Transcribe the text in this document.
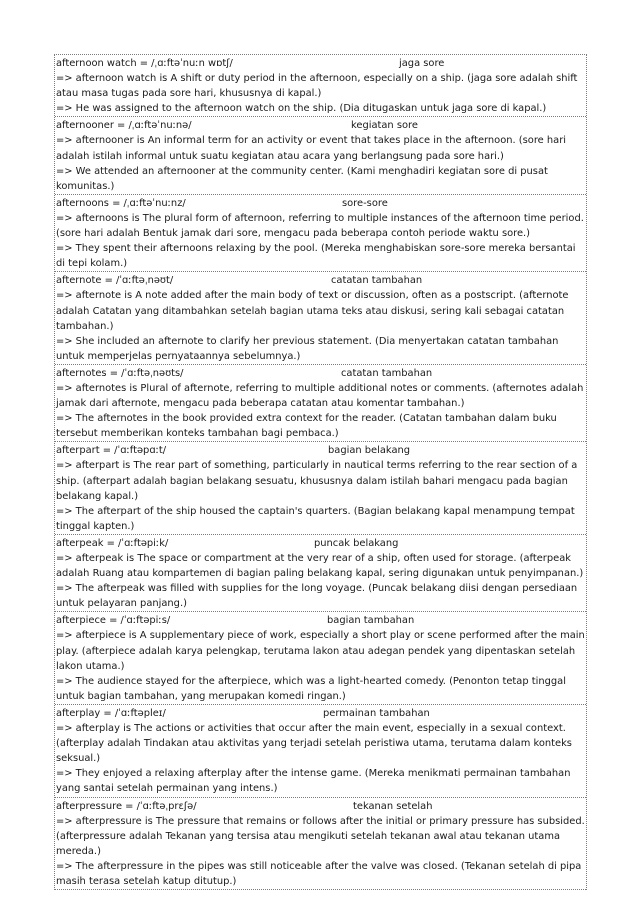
afternoon watch = /ˌɑːftəˈnuːn wɒtʃ/	jaga sore

=> afternoon watch is A shift or duty period in the afternoon, especially on a ship. (jaga sore adalah shift atau masa tugas pada sore hari, khususnya di kapal.)

=> He was assigned to the afternoon watch on the ship. (Dia ditugaskan untuk jaga sore di kapal.)

afternooner = /ˌɑːftəˈnuːnə/	kegiatan sore

=> afternooner is An informal term for an activity or event that takes place in the afternoon. (sore hari adalah istilah informal untuk suatu kegiatan atau acara yang berlangsung pada sore hari.)

=> We attended an afternooner at the community center. (Kami menghadiri kegiatan sore di pusat komunitas.)

afternoons = /ˌɑːftəˈnuːnz/	sore-sore

=> afternoons is The plural form of afternoon, referring to multiple instances of the afternoon time period. (sore hari adalah Bentuk jamak dari sore, mengacu pada beberapa contoh periode waktu sore.)

=> They spent their afternoons relaxing by the pool. (Mereka menghabiskan sore-sore mereka bersantai di tepi kolam.)

afternote = /ˈɑːftəˌnəʊt/	catatan tambahan

=> afternote is A note added after the main body of text or discussion, often as a postscript. (afternote adalah Catatan yang ditambahkan setelah bagian utama teks atau diskusi, sering kali sebagai catatan tambahan.)

=> She included an afternote to clarify her previous statement. (Dia menyertakan catatan tambahan untuk memperjelas pernyataannya sebelumnya.)

afternotes = /ˈɑːftəˌnəʊts/	catatan tambahan

=> afternotes is Plural of afternote, referring to multiple additional notes or comments. (afternotes adalah jamak dari afternote, mengacu pada beberapa catatan atau komentar tambahan.)

=> The afternotes in the book provided extra context for the reader. (Catatan tambahan dalam buku tersebut memberikan konteks tambahan bagi pembaca.)

afterpart = /ˈɑːftəpɑːt/	bagian belakang

=> afterpart is The rear part of something, particularly in nautical terms referring to the rear section of a ship. (afterpart adalah bagian belakang sesuatu, khususnya dalam istilah bahari mengacu pada bagian belakang kapal.)

=> The afterpart of the ship housed the captain's quarters. (Bagian belakang kapal menampung tempat tinggal kapten.)

afterpeak = /ˈɑːftəpiːk/	puncak belakang

=> afterpeak is The space or compartment at the very rear of a ship, often used for storage. (afterpeak adalah Ruang atau kompartemen di bagian paling belakang kapal, sering digunakan untuk penyimpanan.)

=> The afterpeak was filled with supplies for the long voyage. (Puncak belakang diisi dengan persediaan untuk pelayaran panjang.)

afterpiece = /ˈɑːftəpiːs/	bagian tambahan

=> afterpiece is A supplementary piece of work, especially a short play or scene performed after the main play. (afterpiece adalah karya pelengkap, terutama lakon atau adegan pendek yang dipentaskan setelah lakon utama.)

=> The audience stayed for the afterpiece, which was a light-hearted comedy. (Penonton tetap tinggal untuk bagian tambahan, yang merupakan komedi ringan.)

afterplay = /ˈɑːftəpleɪ/	permainan tambahan

=> afterplay is The actions or activities that occur after the main event, especially in a sexual context. (afterplay adalah Tindakan atau aktivitas yang terjadi setelah peristiwa utama, terutama dalam konteks seksual.)

=> They enjoyed a relaxing afterplay after the intense game. (Mereka menikmati permainan tambahan yang santai setelah permainan yang intens.)

afterpressure = /ˈɑːftəˌprɛʃə/	tekanan setelah

=> afterpressure is The pressure that remains or follows after the initial or primary pressure has subsided. (afterpressure adalah Tekanan yang tersisa atau mengikuti setelah tekanan awal atau tekanan utama mereda.)

=> The afterpressure in the pipes was still noticeable after the valve was closed. (Tekanan setelah di pipa masih terasa setelah katup ditutup.)
